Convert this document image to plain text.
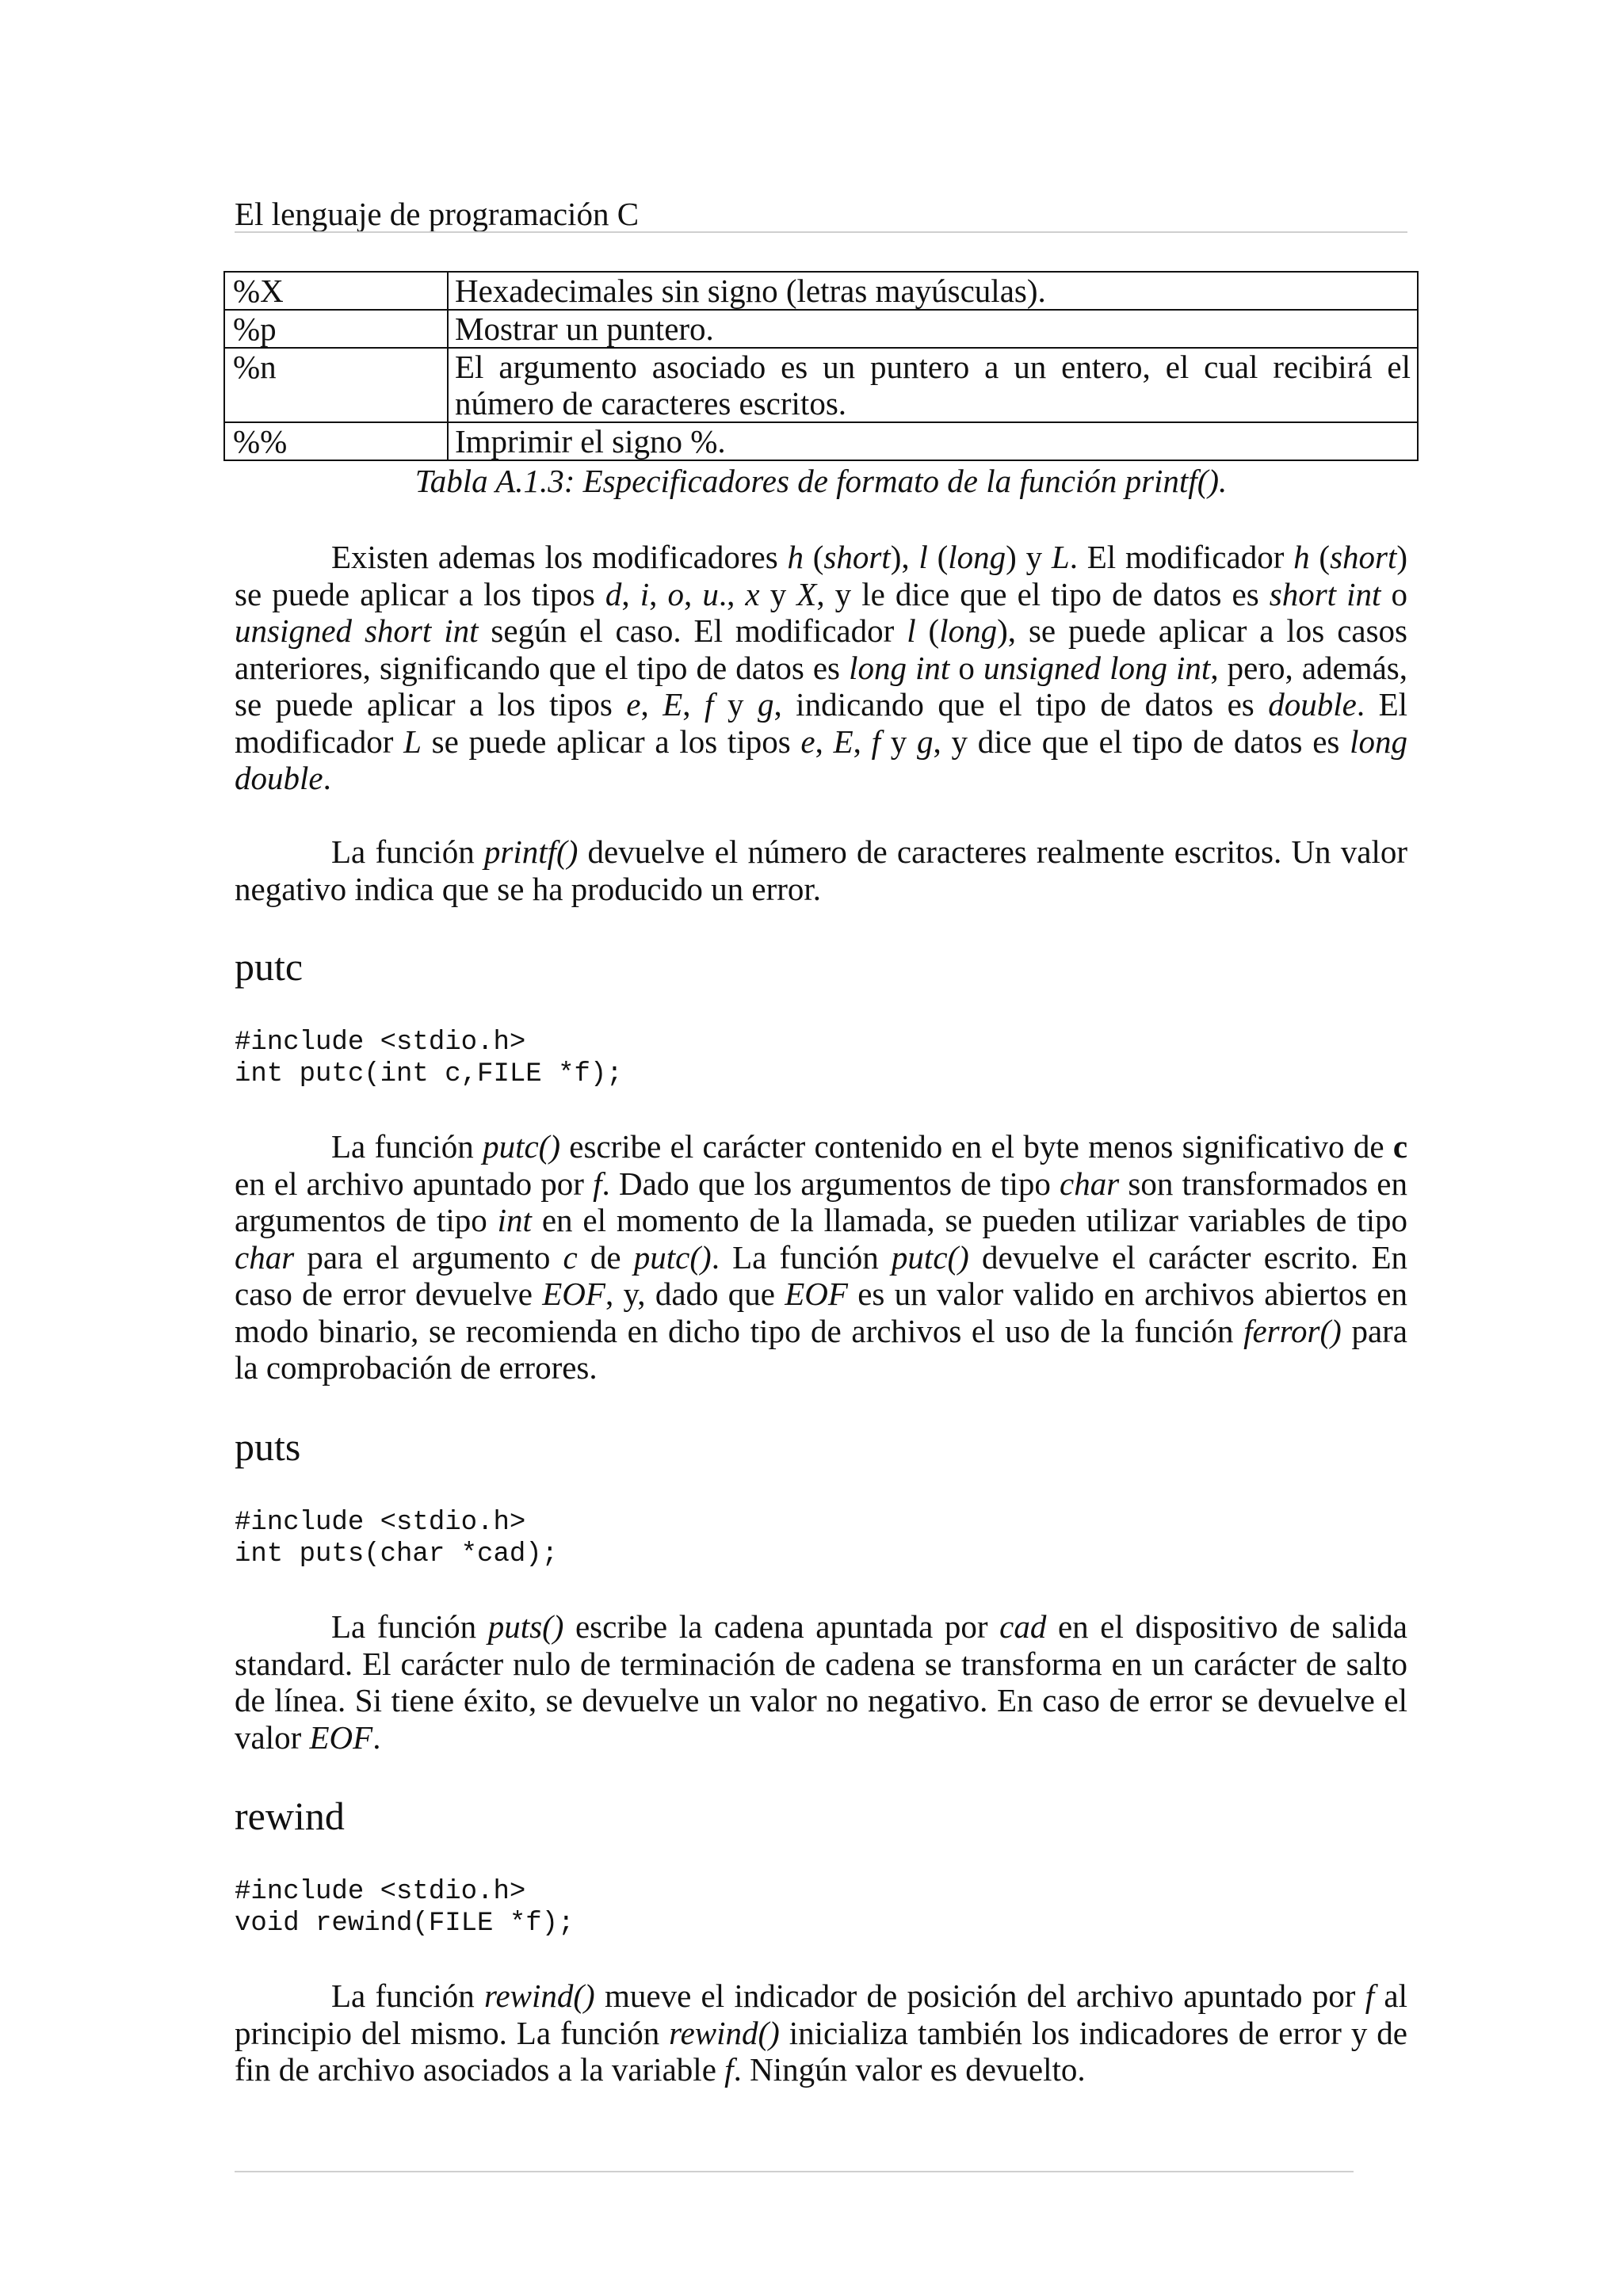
El lenguaje de programación C
%X	Hexadecimales sin signo (letras mayúsculas).
%p	Mostrar un puntero.
%n	El argumento asociado es un puntero a un entero, el cual recibirá el número de caracteres escritos.
%%	Imprimir el signo %.
Tabla A.1.3: Especificadores de formato de la función printf().

Existen ademas los modificadores h (short), l (long) y L. El modificador h (short) se puede aplicar a los tipos d, i, o, u., x y X, y le dice que el tipo de datos es short int o unsigned short int según el caso. El modificador l (long), se puede aplicar a los casos anteriores, significando que el tipo de datos es long int o unsigned long int, pero, además, se puede aplicar a los tipos e, E, f y g, indicando que el tipo de datos es double. El modificador L se puede aplicar a los tipos e, E, f y g, y dice que el tipo de datos es long double.

La función printf() devuelve el número de caracteres realmente escritos. Un valor negativo indica que se ha producido un error.

putc
#include <stdio.h>
int putc(int c,FILE *f);

La función putc() escribe el carácter contenido en el byte menos significativo de c en el archivo apuntado por f. Dado que los argumentos de tipo char son transformados en argumentos de tipo int en el momento de la llamada, se pueden utilizar variables de tipo char para el argumento c de putc(). La función putc() devuelve el carácter escrito. En caso de error devuelve EOF, y, dado que EOF es un valor valido en archivos abiertos en modo binario, se recomienda en dicho tipo de archivos el uso de la función ferror() para la comprobación de errores.

puts
#include <stdio.h>
int puts(char *cad);

La función puts() escribe la cadena apuntada por cad en el dispositivo de salida standard. El carácter nulo de terminación de cadena se transforma en un carácter de salto de línea. Si tiene éxito, se devuelve un valor no negativo. En caso de error se devuelve el valor EOF.

rewind
#include <stdio.h>
void rewind(FILE *f);

La función rewind() mueve el indicador de posición del archivo apuntado por f al principio del mismo. La función rewind() inicializa también los indicadores de error y de fin de archivo asociados a la variable f. Ningún valor es devuelto.
